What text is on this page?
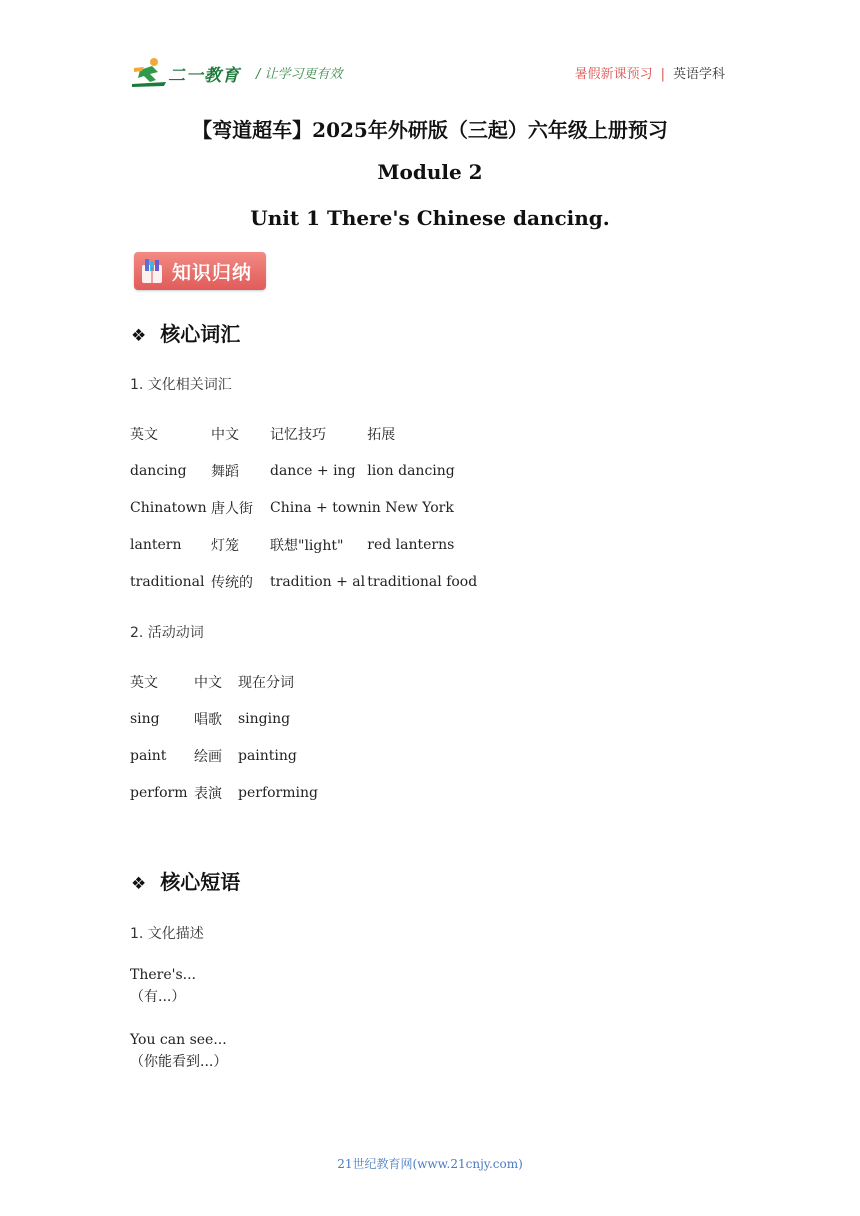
二一教育 / 让学习更有效	暑假新课预习 | 英语学科
【弯道超车】2025年外研版（三起）六年级上册预习
Module 2
Unit 1 There's Chinese dancing.
知识归纳
❖ 核心词汇
1. 文化相关词汇
英文	中文	记忆技巧	拓展
dancing	舞蹈	dance + ing	lion dancing
Chinatown	唐人街	China + town	in New York
lantern	灯笼	联想"light"	red lanterns
traditional	传统的	tradition + al	traditional food
2. 活动动词
英文	中文	现在分词
sing	唱歌	singing
paint	绘画	painting
perform	表演	performing
❖ 核心短语
1. 文化描述
There's...
（有...）
You can see...
（你能看到...）
21世纪教育网(www.21cnjy.com)
